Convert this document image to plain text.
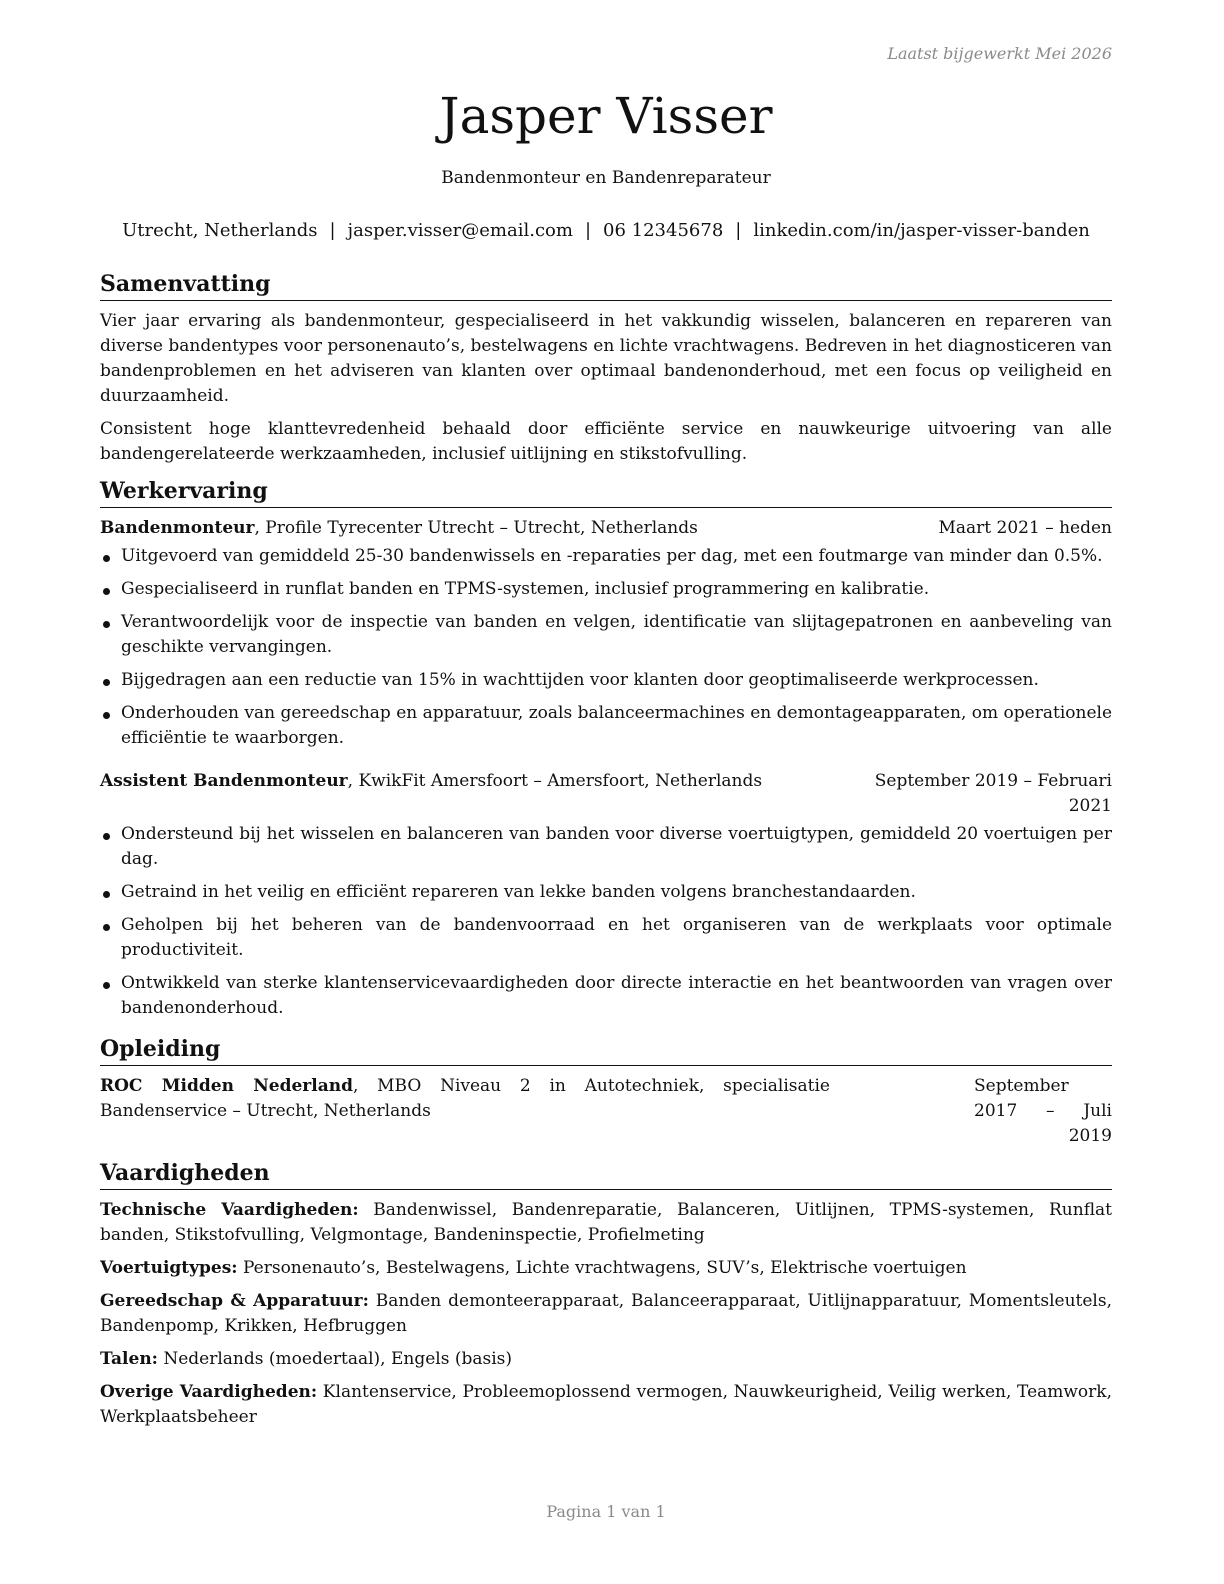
Laatst bijgewerkt Mei 2026
Jasper Visser
Bandenmonteur en Bandenreparateur
Utrecht, Netherlands | jasper.visser@email.com | 06 12345678 | linkedin.com/in/jasper-visser-banden
Samenvatting

Vier jaar ervaring als bandenmonteur, gespecialiseerd in het vakkundig wisselen, balanceren en repareren van diverse bandentypes voor personenauto’s, bestelwagens en lichte vrachtwagens. Bedreven in het diagnosticeren van bandenproblemen en het adviseren van klanten over optimaal bandenonderhoud, met een focus op veiligheid en duurzaamheid.

Consistent hoge klanttevredenheid behaald door efficiënte service en nauwkeurige uitvoering van alle bandengerelateerde werkzaamheden, inclusief uitlijning en stikstofvulling.

Werkervaring
Bandenmonteur, Profile Tyrecenter Utrecht – Utrecht, Netherlands	Maart 2021 – heden
Uitgevoerd van gemiddeld 25-30 bandenwissels en -reparaties per dag, met een foutmarge van minder dan 0.5%.
Gespecialiseerd in runflat banden en TPMS-systemen, inclusief programmering en kalibratie.
Verantwoordelijk voor de inspectie van banden en velgen, identificatie van slijtagepatronen en aanbeveling van geschikte vervangingen.
Bijgedragen aan een reductie van 15% in wachttijden voor klanten door geoptimaliseerde werkprocessen.
Onderhouden van gereedschap en apparatuur, zoals balanceermachines en demontageapparaten, om operationele efficiëntie te waarborgen.
Assistent Bandenmonteur, KwikFit Amersfoort – Amersfoort, Netherlands	September 2019 – Februari 2021
Ondersteund bij het wisselen en balanceren van banden voor diverse voertuigtypen, gemiddeld 20 voertuigen per dag.
Getraind in het veilig en efficiënt repareren van lekke banden volgens branchestandaarden.
Geholpen bij het beheren van de bandenvoorraad en het organiseren van de werkplaats voor optimale productiviteit.
Ontwikkeld van sterke klantenservicevaardigheden door directe interactie en het beantwoorden van vragen over bandenonderhoud.
Opleiding
ROC Midden Nederland, MBO Niveau 2 in Autotechniek, specialisatie Bandenservice – Utrecht, Netherlands
September 2017 – Juli 2019
Vaardigheden

Technische Vaardigheden: Bandenwissel, Bandenreparatie, Balanceren, Uitlijnen, TPMS-systemen, Runflat banden, Stikstofvulling, Velgmontage, Bandeninspectie, Profielmeting

Voertuigtypes: Personenauto’s, Bestelwagens, Lichte vrachtwagens, SUV’s, Elektrische voertuigen

Gereedschap & Apparatuur: Banden demonteerapparaat, Balanceerapparaat, Uitlijnapparatuur, Momentsleutels, Bandenpomp, Krikken, Hefbruggen

Talen: Nederlands (moedertaal), Engels (basis)

Overige Vaardigheden: Klantenservice, Probleemoplossend vermogen, Nauwkeurigheid, Veilig werken, Teamwork, Werkplaatsbeheer

Pagina 1 van 1
